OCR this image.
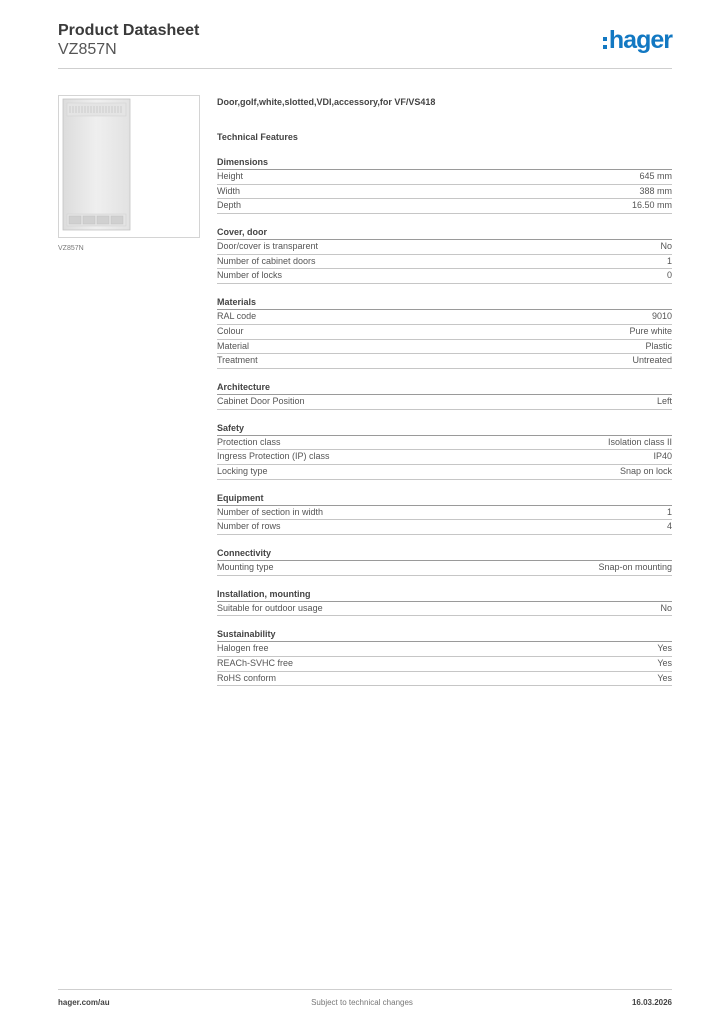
Product Datasheet
VZ857N	hager
VZ857N
Door,golf,white,slotted,VDI,accessory,for VF/VS418
Technical Features
Dimensions
Height	645 mm
Width	388 mm
Depth	16.50 mm
Cover, door
Door/cover is transparent	No
Number of cabinet doors	1
Number of locks	0
Materials
RAL code	9010
Colour	Pure white
Material	Plastic
Treatment	Untreated
Architecture
Cabinet Door Position	Left
Safety
Protection class	Isolation class II
Ingress Protection (IP) class	IP40
Locking type	Snap on lock
Equipment
Number of section in width	1
Number of rows	4
Connectivity
Mounting type	Snap-on mounting
Installation, mounting
Suitable for outdoor usage	No
Sustainability
Halogen free	Yes
REACh-SVHC free	Yes
RoHS conform	Yes
hager.com/au	Subject to technical changes	16.03.2026
